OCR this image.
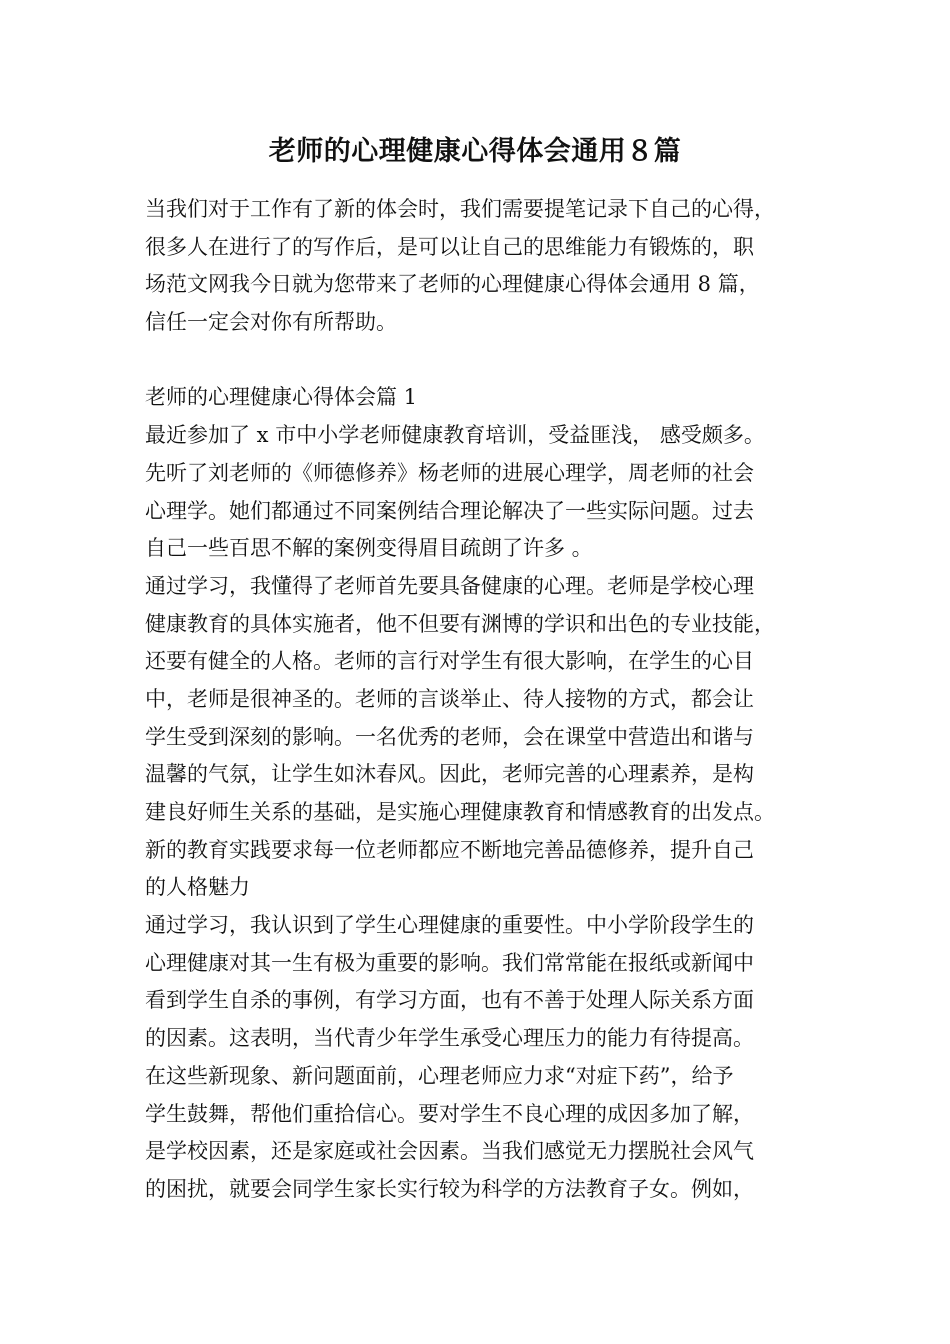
老师的心理健康心得体会通用８篇
当我们对于工作有了新的体会时，我们需要提笔记录下自己的心得，
很多人在进行了的写作后，是可以让自己的思维能力有锻炼的，职
场范文网我今日就为您带来了老师的心理健康心得体会通用 8 篇，
信任一定会对你有所帮助。
老师的心理健康心得体会篇 1
最近参加了 x 市中小学老师健康教育培训，受益匪浅， 感受颇多。
先听了刘老师的《师德修养》杨老师的进展心理学，周老师的社会
心理学。她们都通过不同案例结合理论解决了一些实际问题。过去
自己一些百思不解的案例变得眉目疏朗了许多 。
通过学习，我懂得了老师首先要具备健康的心理。老师是学校心理
健康教育的具体实施者，他不但要有渊博的学识和出色的专业技能，
还要有健全的人格。老师的言行对学生有很大影响，在学生的心目
中，老师是很神圣的。老师的言谈举止、待人接物的方式，都会让
学生受到深刻的影响。一名优秀的老师，会在课堂中营造出和谐与
温馨的气氛，让学生如沐春风。因此，老师完善的心理素养，是构
建良好师生关系的基础，是实施心理健康教育和情感教育的出发点。
新的教育实践要求每一位老师都应不断地完善品德修养，提升自己
的人格魅力
通过学习，我认识到了学生心理健康的重要性。中小学阶段学生的
心理健康对其一生有极为重要的影响。我们常常能在报纸或新闻中
看到学生自杀的事例，有学习方面，也有不善于处理人际关系方面
的因素。这表明，当代青少年学生承受心理压力的能力有待提高。
在这些新现象、新问题面前，心理老师应力求“对症下药”，给予
学生鼓舞，帮他们重拾信心。要对学生不良心理的成因多加了解，
是学校因素，还是家庭或社会因素。当我们感觉无力摆脱社会风气
的困扰，就要会同学生家长实行较为科学的方法教育子女。例如，
